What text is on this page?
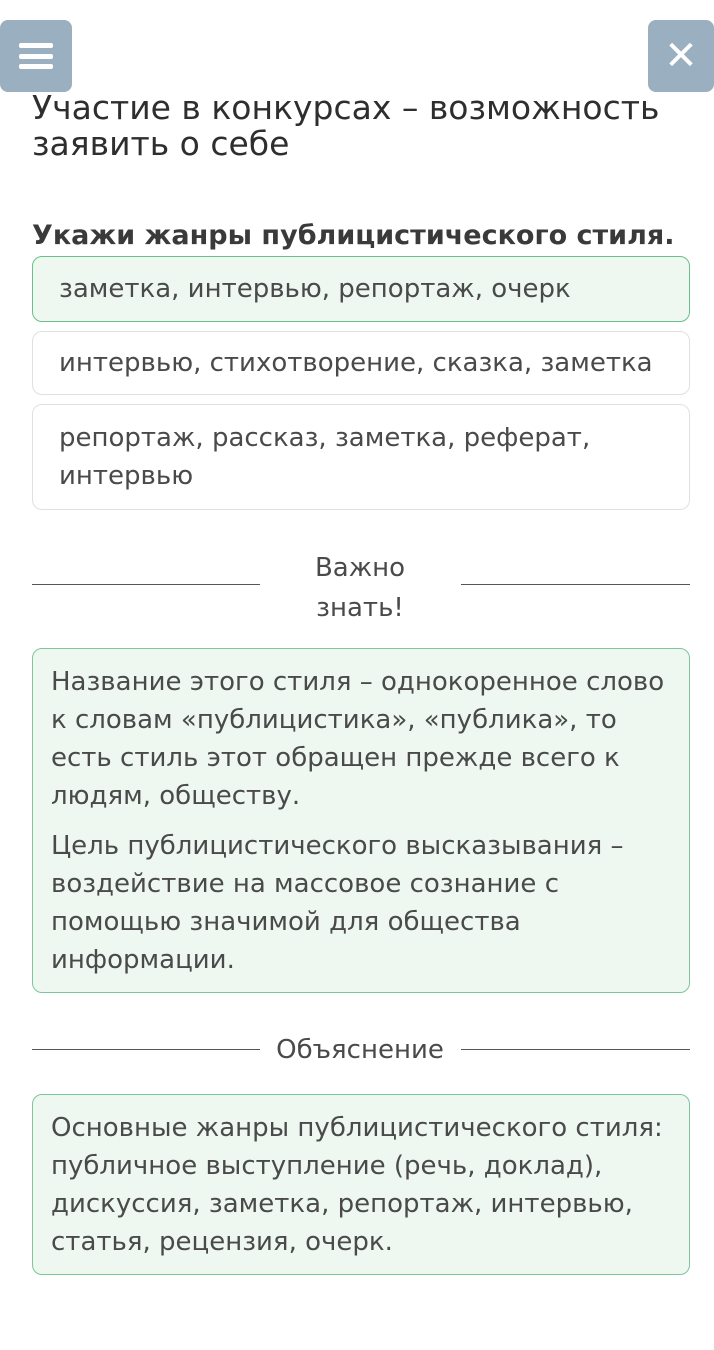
✕
Участие в конкурсах – возможность заявить о себе
Укажи жанры публицистического стиля.
заметка, интервью, репортаж, очерк
интервью, стихотворение, сказка, заметка
репортаж, рассказ, заметка, реферат, интервью
Важно знать!

Название этого стиля – однокоренное слово к словам «публицистика», «публика», то есть стиль этот обращен прежде всего к людям, обществу.

Цель публицистического высказывания – воздействие на массовое сознание с помощью значимой для общества информации.

Объяснение

Основные жанры публицистического стиля: публичное выступление (речь, доклад), дискуссия, заметка, репортаж, интервью, статья, рецензия, очерк.
